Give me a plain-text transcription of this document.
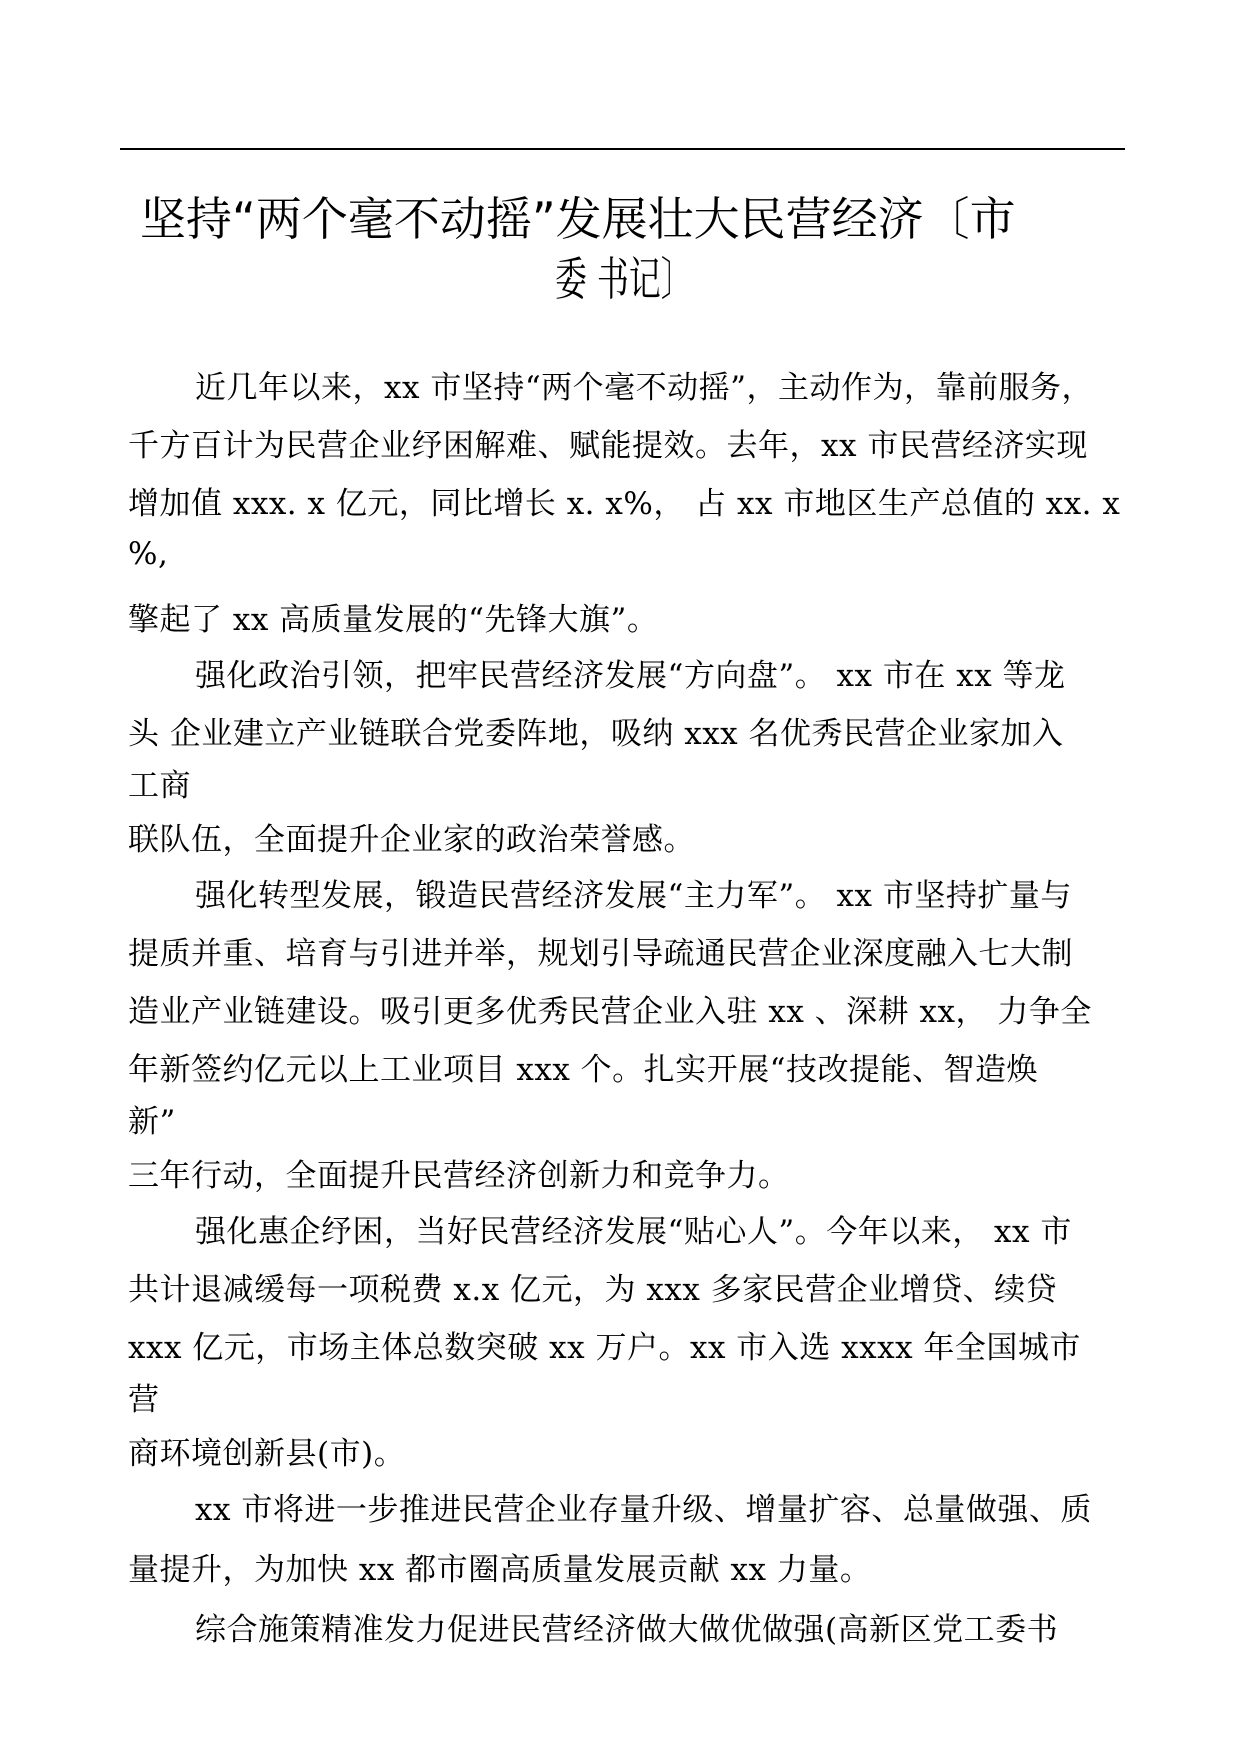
坚持“两个毫不动摇”发展壮大民营经济〔市
委 书记〕
近几年以来，xx 市坚持“两个毫不动摇”，主动作为，靠前服务，
千方百计为民营企业纾困解难、赋能提效。去年，xx 市民营经济实现
增加值 xxx. x 亿元，同比增长 x. x%， 占 xx 市地区生产总值的 xx. x
%,
擎起了 xx 高质量发展的“先锋大旗”。
强化政治引领，把牢民营经济发展“方向盘”。 xx 市在 xx 等龙
头 企业建立产业链联合党委阵地，吸纳 xxx 名优秀民营企业家加入
工商
联队伍，全面提升企业家的政治荣誉感。
强化转型发展，锻造民营经济发展“主力军”。 xx 市坚持扩量与
提质并重、培育与引进并举，规划引导疏通民营企业深度融入七大制
造业产业链建设。吸引更多优秀民营企业入驻 xx 、深耕 xx， 力争全
年新签约亿元以上工业项目 xxx 个。扎实开展“技改提能、智造焕
新”
三年行动，全面提升民营经济创新力和竞争力。
强化惠企纾困，当好民营经济发展“贴心人”。今年以来， xx 市
共计退减缓每一项税费 x.x 亿元，为 xxx 多家民营企业增贷、续贷
xxx 亿元，市场主体总数突破 xx 万户。xx 市入选 xxxx 年全国城市
营
商环境创新县(市)。
xx 市将进一步推进民营企业存量升级、增量扩容、总量做强、质
量提升，为加快 xx 都市圈高质量发展贡献 xx 力量。
综合施策精准发力促进民营经济做大做优做强(高新区党工委书
